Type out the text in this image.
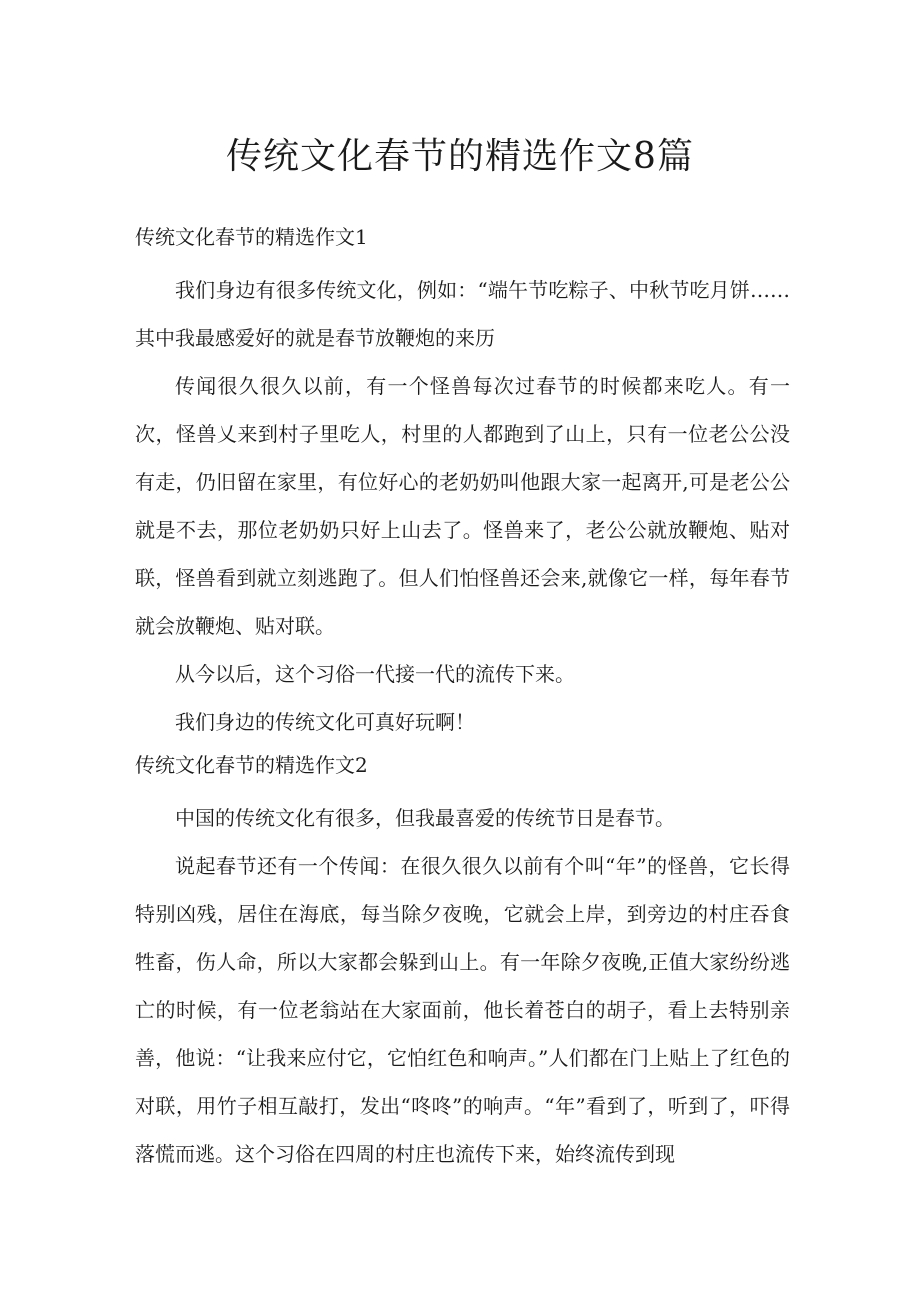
传统文化春节的精选作文8篇
传统文化春节的精选作文1

我们身边有很多传统文化，例如：“端午节吃粽子、中秋节吃月饼……其中我最感爱好的就是春节放鞭炮的来历

传闻很久很久以前，有一个怪兽每次过春节的时候都来吃人。有一次，怪兽乂来到村子里吃人，村里的人都跑到了山上，只有一位老公公没有走，仍旧留在家里，有位好心的老奶奶叫他跟大家一起离开,可是老公公就是不去，那位老奶奶只好上山去了。怪兽来了，老公公就放鞭炮、贴对联，怪兽看到就立刻逃跑了。但人们怕怪兽还会来,就像它一样，每年春节就会放鞭炮、贴对联。

从今以后，这个习俗一代接一代的流传下来。

我们身边的传统文化可真好玩啊！

传统文化春节的精选作文2

中国的传统文化有很多，但我最喜爱的传统节日是春节。

说起春节还有一个传闻：在很久很久以前有个叫“年”的怪兽，它长得特别凶残，居住在海底，每当除夕夜晚，它就会上岸，到旁边的村庄吞食牲畜，伤人命，所以大家都会躲到山上。有一年除夕夜晚,正值大家纷纷逃亡的时候，有一位老翁站在大家面前，他长着苍白的胡子，看上去特别亲善，他说：“让我来应付它，它怕红色和响声。”人们都在门上贴上了红色的对联，用竹子相互敲打，发出“咚咚”的响声。“年”看到了，听到了，吓得落慌而逃。这个习俗在四周的村庄也流传下来，始终流传到现
